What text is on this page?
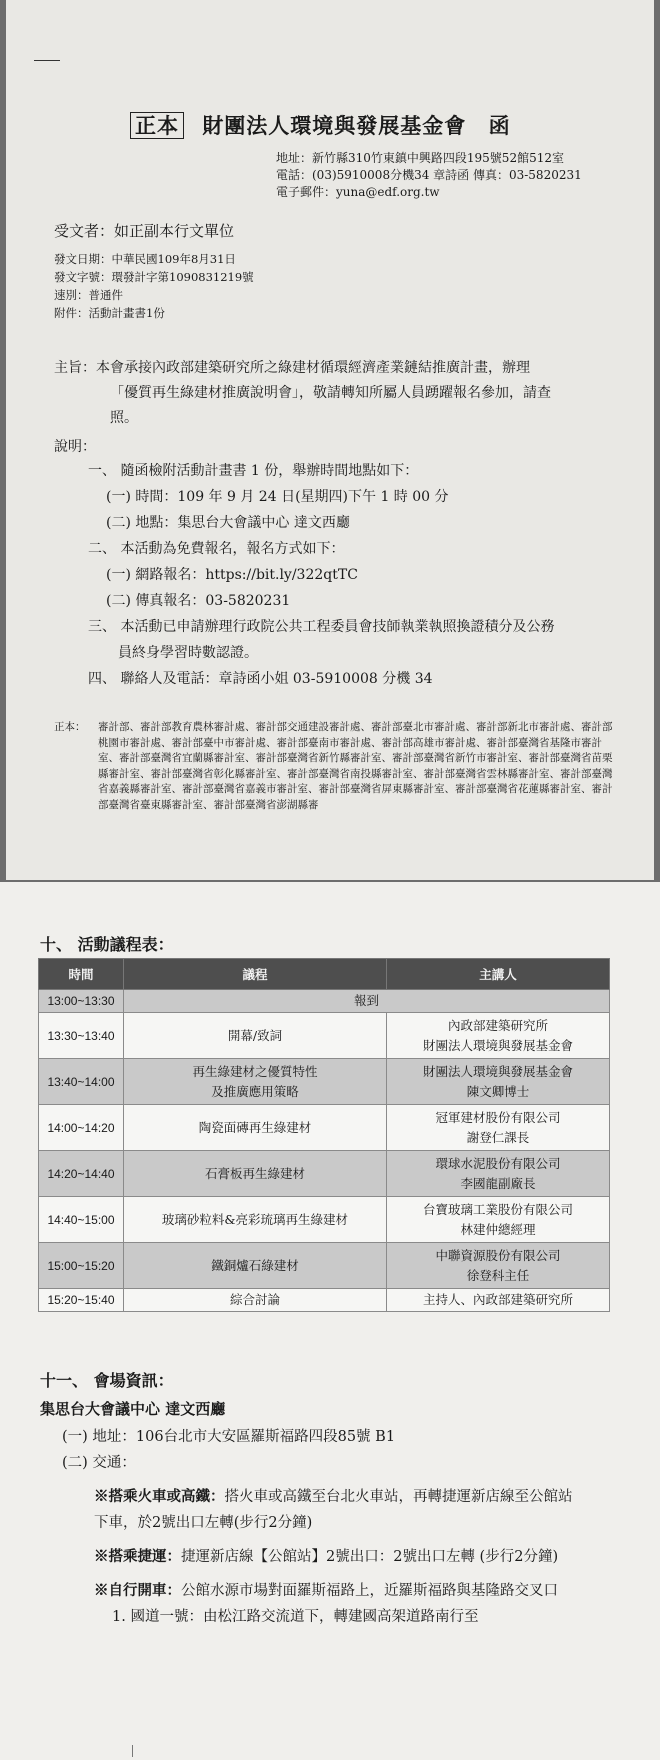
正本 財團法人環境與發展基金會 函
地址：新竹縣310竹東鎮中興路四段195號52館512室
電話：(03)5910008分機34 章詩函 傳真：03-5820231
電子郵件：yuna@edf.org.tw
受文者：如正副本行文單位
發文日期：中華民國109年8月31日
發文字號：環發計字第1090831219號
速別：普通件
附件：活動計畫書1份
主旨：本會承接內政部建築研究所之綠建材循環經濟產業鏈結推廣計畫，辦理
「優質再生綠建材推廣說明會」，敬請轉知所屬人員踴躍報名參加，請查
照。
說明：
一、 隨函檢附活動計畫書 1 份，舉辦時間地點如下：
(一) 時間：109 年 9 月 24 日(星期四)下午 1 時 00 分
(二) 地點：集思台大會議中心 達文西廳
二、 本活動為免費報名，報名方式如下：
(一) 網路報名：https://bit.ly/322qtTC
(二) 傳真報名：03-5820231
三、 本活動已申請辦理行政院公共工程委員會技師執業執照換證積分及公務
員終身學習時數認證。
四、 聯絡人及電話：章詩函小姐 03-5910008 分機 34
正本：	審計部、審計部教育農林審計處、審計部交通建設審計處、審計部臺北市審計處、審計部新北市審計處、審計部桃園市審計處、審計部臺中市審計處、審計部臺南市審計處、審計部高雄市審計處、審計部臺灣省基隆市審計室、審計部臺灣省宜蘭縣審計室、審計部臺灣省新竹縣審計室、審計部臺灣省新竹市審計室、審計部臺灣省苗栗縣審計室、審計部臺灣省彰化縣審計室、審計部臺灣省南投縣審計室、審計部臺灣省雲林縣審計室、審計部臺灣省嘉義縣審計室、審計部臺灣省嘉義市審計室、審計部臺灣省屏東縣審計室、審計部臺灣省花蓮縣審計室、審計部臺灣省臺東縣審計室、審計部臺灣省澎湖縣審
十、 活動議程表：
時間	議程	主講人
13:00~13:30	報到	
13:30~13:40	開幕/致詞	內政部建築研究所
財團法人環境與發展基金會
13:40~14:00	再生綠建材之優質特性
及推廣應用策略	財團法人環境與發展基金會
陳文卿博士
14:00~14:20	陶瓷面磚再生綠建材	冠軍建材股份有限公司
謝登仁課長
14:20~14:40	石膏板再生綠建材	環球水泥股份有限公司
李國龍副廠長
14:40~15:00	玻璃砂粒料&亮彩琉璃再生綠建材	台寶玻璃工業股份有限公司
林建仲總經理
15:00~15:20	鐵銅爐石綠建材	中聯資源股份有限公司
徐登科主任
15:20~15:40	綜合討論	主持人、內政部建築研究所
十一、 會場資訊：
集思台大會議中心 達文西廳
(一) 地址：106台北市大安區羅斯福路四段85號 B1
(二) 交通：
※搭乘火車或高鐵：搭火車或高鐵至台北火車站，再轉捷運新店線至公館站下車，於2號出口左轉(步行2分鐘)
※搭乘捷運：捷運新店線【公館站】2號出口：2號出口左轉 (步行2分鐘)
※自行開車：公館水源市場對面羅斯福路上，近羅斯福路與基隆路交叉口
1. 國道一號：由松江路交流道下，轉建國高架道路南行至
